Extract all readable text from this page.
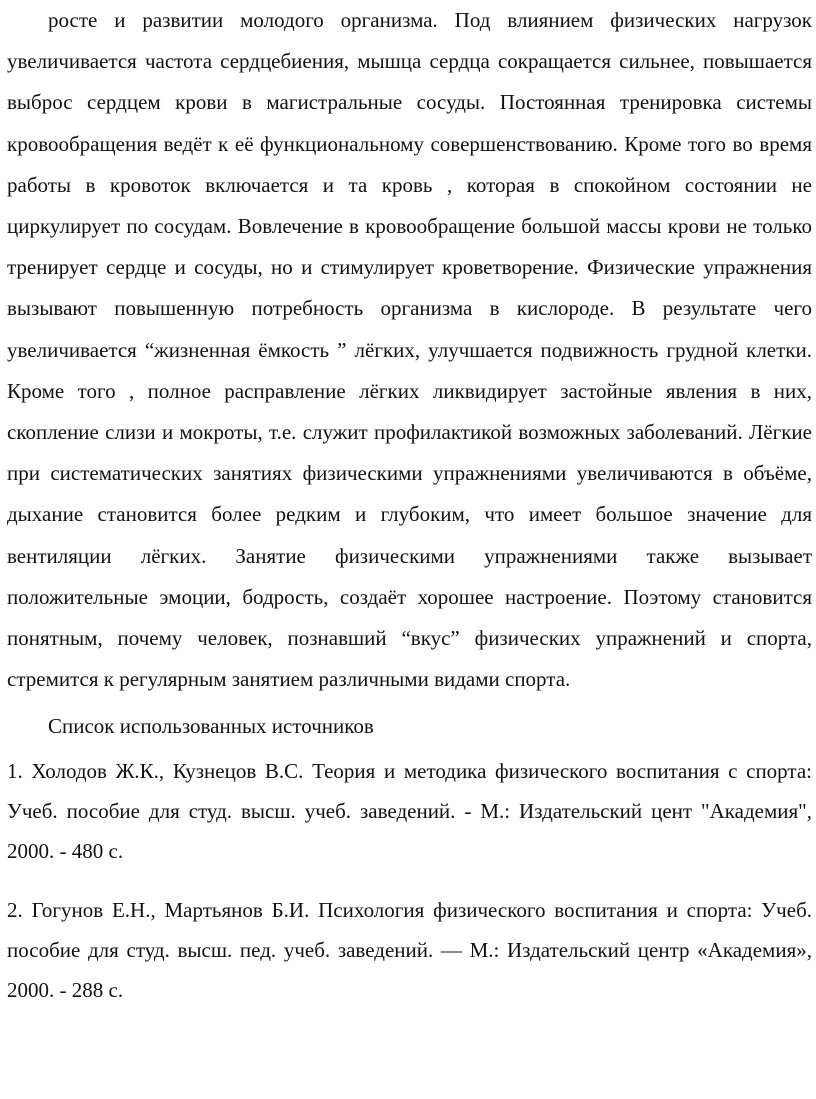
росте и развитии молодого организма. Под влиянием физических нагрузок увеличивается частота сердцебиения, мышца сердца сокращается сильнее, повышается выброс сердцем крови в магистральные сосуды. Постоянная тренировка системы кровообращения ведёт к её функциональному совершенствованию. Кроме того во время работы в кровоток включается и та кровь , которая в спокойном состоянии не циркулирует по сосудам. Вовлечение в кровообращение большой массы крови не только тренирует сердце и сосуды, но и стимулирует кроветворение. Физические упражнения вызывают повышенную потребность организма в кислороде. В результате чего увеличивается “жизненная ёмкость ” лёгких, улучшается подвижность грудной клетки. Кроме того , полное расправление лёгких ликвидирует застойные явления в них, скопление слизи и мокроты, т.е. служит профилактикой возможных заболеваний. Лёгкие при систематических занятиях физическими упражнениями увеличиваются в объёме, дыхание становится более редким и глубоким, что имеет большое значение для вентиляции лёгких. Занятие физическими упражнениями также вызывает положительные эмоции, бодрость, создаёт хорошее настроение. Поэтому становится понятным, почему человек, познавший “вкус” физических упражнений и спорта, стремится к регулярным занятием различными видами спорта.

Список использованных источников

1. Холодов Ж.К., Кузнецов В.С. Теория и методика физического воспитания с спорта: Учеб. пособие для студ. высш. учеб. заведений. - М.: Издательский цент "Академия", 2000. - 480 с.

2. Гогунов Е.Н., Мартьянов Б.И. Психология физического воспитания и спорта: Учеб. пособие для студ. высш. пед. учеб. заведений. — М.: Издательский центр «Академия», 2000. - 288 с.
